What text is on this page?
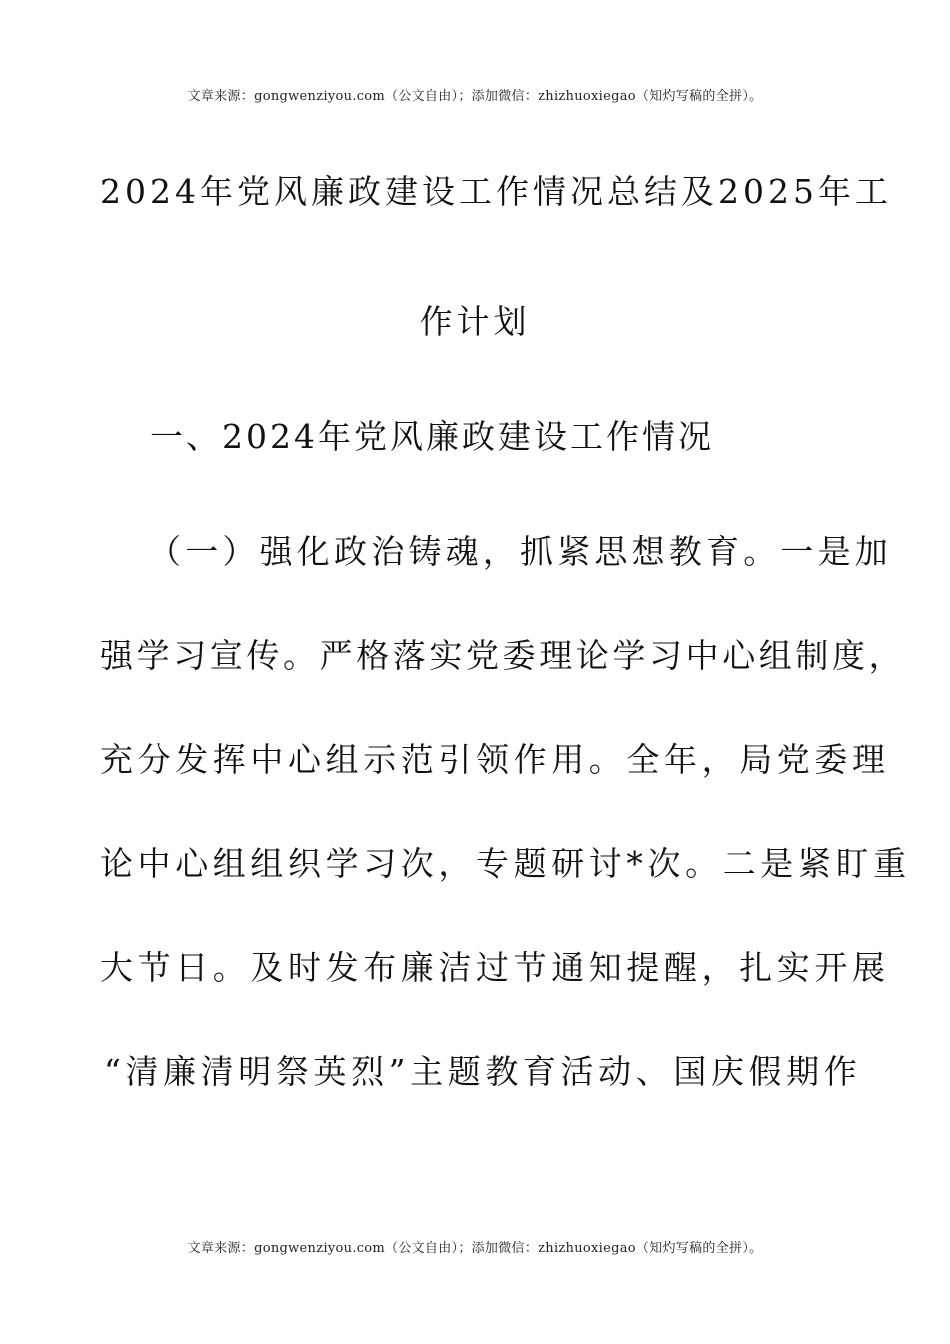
文章来源：gongwenziyou.com（公文自由）；添加微信：zhizhuoxiegao（知灼写稿的全拼）。
2024年党风廉政建设工作情况总结及2025年工
作计划
一、2024年党风廉政建设工作情况
（一）强化政治铸魂，抓紧思想教育。一是加
强学习宣传。严格落实党委理论学习中心组制度，
充分发挥中心组示范引领作用。全年，局党委理
论中心组组织学习次，专题研讨*次。二是紧盯重
大节日。及时发布廉洁过节通知提醒，扎实开展
“清廉清明祭英烈”主题教育活动、国庆假期作
文章来源：gongwenziyou.com（公文自由）；添加微信：zhizhuoxiegao（知灼写稿的全拼）。
